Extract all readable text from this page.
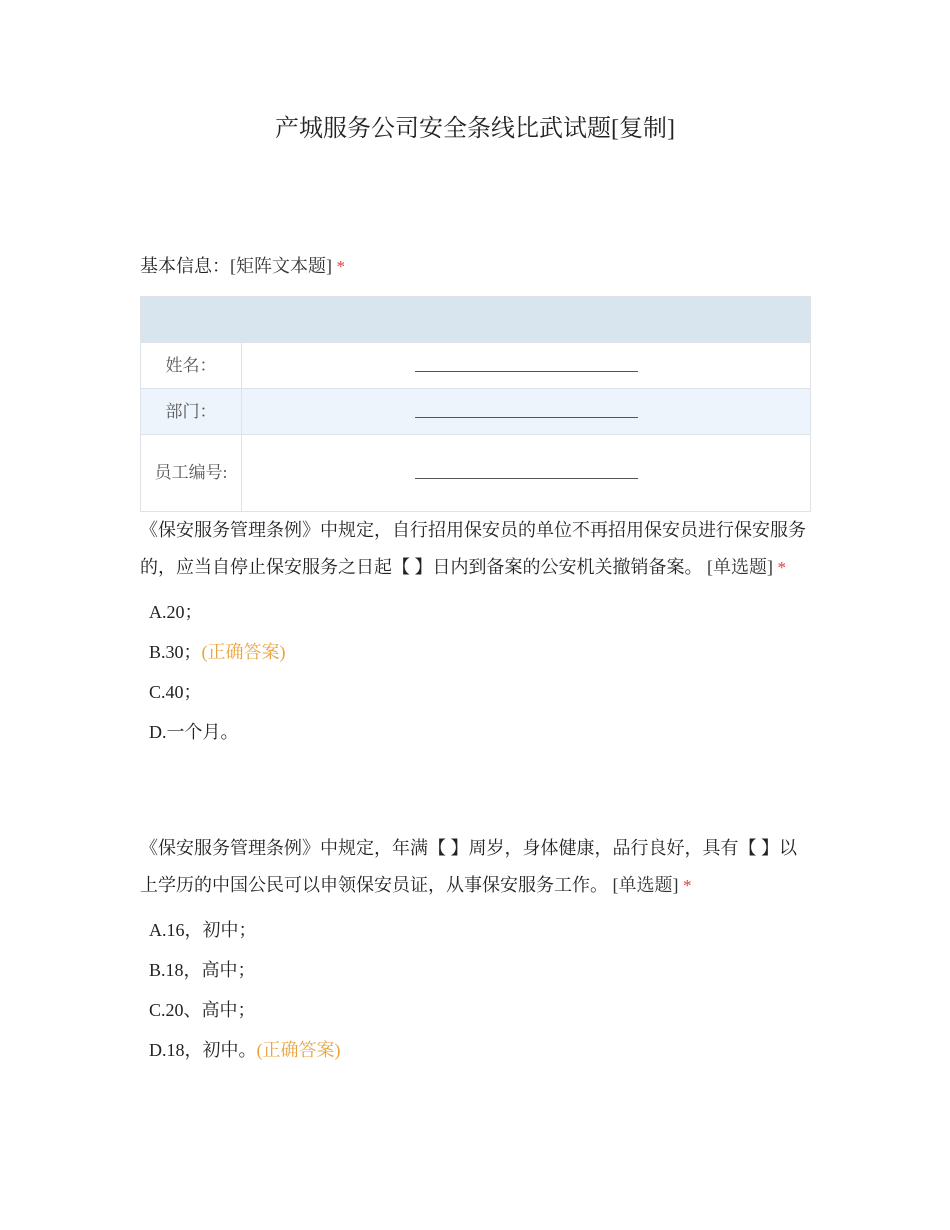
产城服务公司安全条线比武试题[复制]
基本信息：[矩阵文本题] *

姓名：	
部门：	
员工编号:	
《保安服务管理条例》中规定，自行招用保安员的单位不再招用保安员进行保安服务的，应当自停止保安服务之日起【 】日内到备案的公安机关撤销备案。 [单选题] *
A.20；
B.30；(正确答案)
C.40；
D.一个月。
《保安服务管理条例》中规定，年满【 】周岁，身体健康，品行良好，具有【 】以上学历的中国公民可以申领保安员证，从事保安服务工作。 [单选题] *
A.16，初中；
B.18，高中；
C.20、高中；
D.18，初中。(正确答案)
